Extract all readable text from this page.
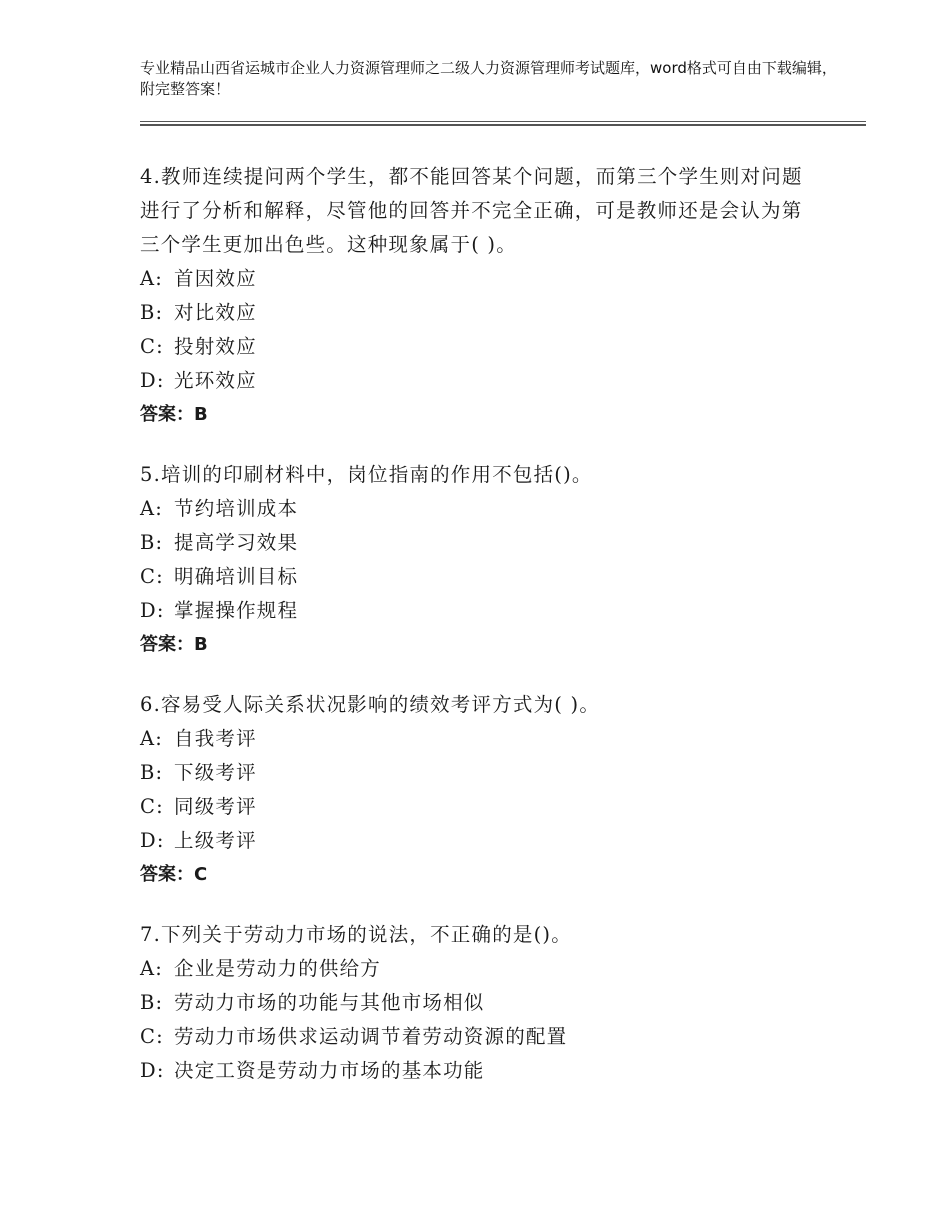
专业精品山西省运城市企业人力资源管理师之二级人力资源管理师考试题库，word格式可自由下载编辑，附完整答案！
4.教师连续提问两个学生，都不能回答某个问题，而第三个学生则对问题进行了分析和解释，尽管他的回答并不完全正确，可是教师还是会认为第三个学生更加出色些。这种现象属于( )。
A: 首因效应
B: 对比效应
C: 投射效应
D: 光环效应
答案：B
5.培训的印刷材料中，岗位指南的作用不包括()。
A: 节约培训成本
B: 提高学习效果
C: 明确培训目标
D: 掌握操作规程
答案：B
6.容易受人际关系状况影响的绩效考评方式为( )。
A: 自我考评
B: 下级考评
C: 同级考评
D: 上级考评
答案：C
7.下列关于劳动力市场的说法，不正确的是()。
A: 企业是劳动力的供给方
B: 劳动力市场的功能与其他市场相似
C: 劳动力市场供求运动调节着劳动资源的配置
D: 决定工资是劳动力市场的基本功能
